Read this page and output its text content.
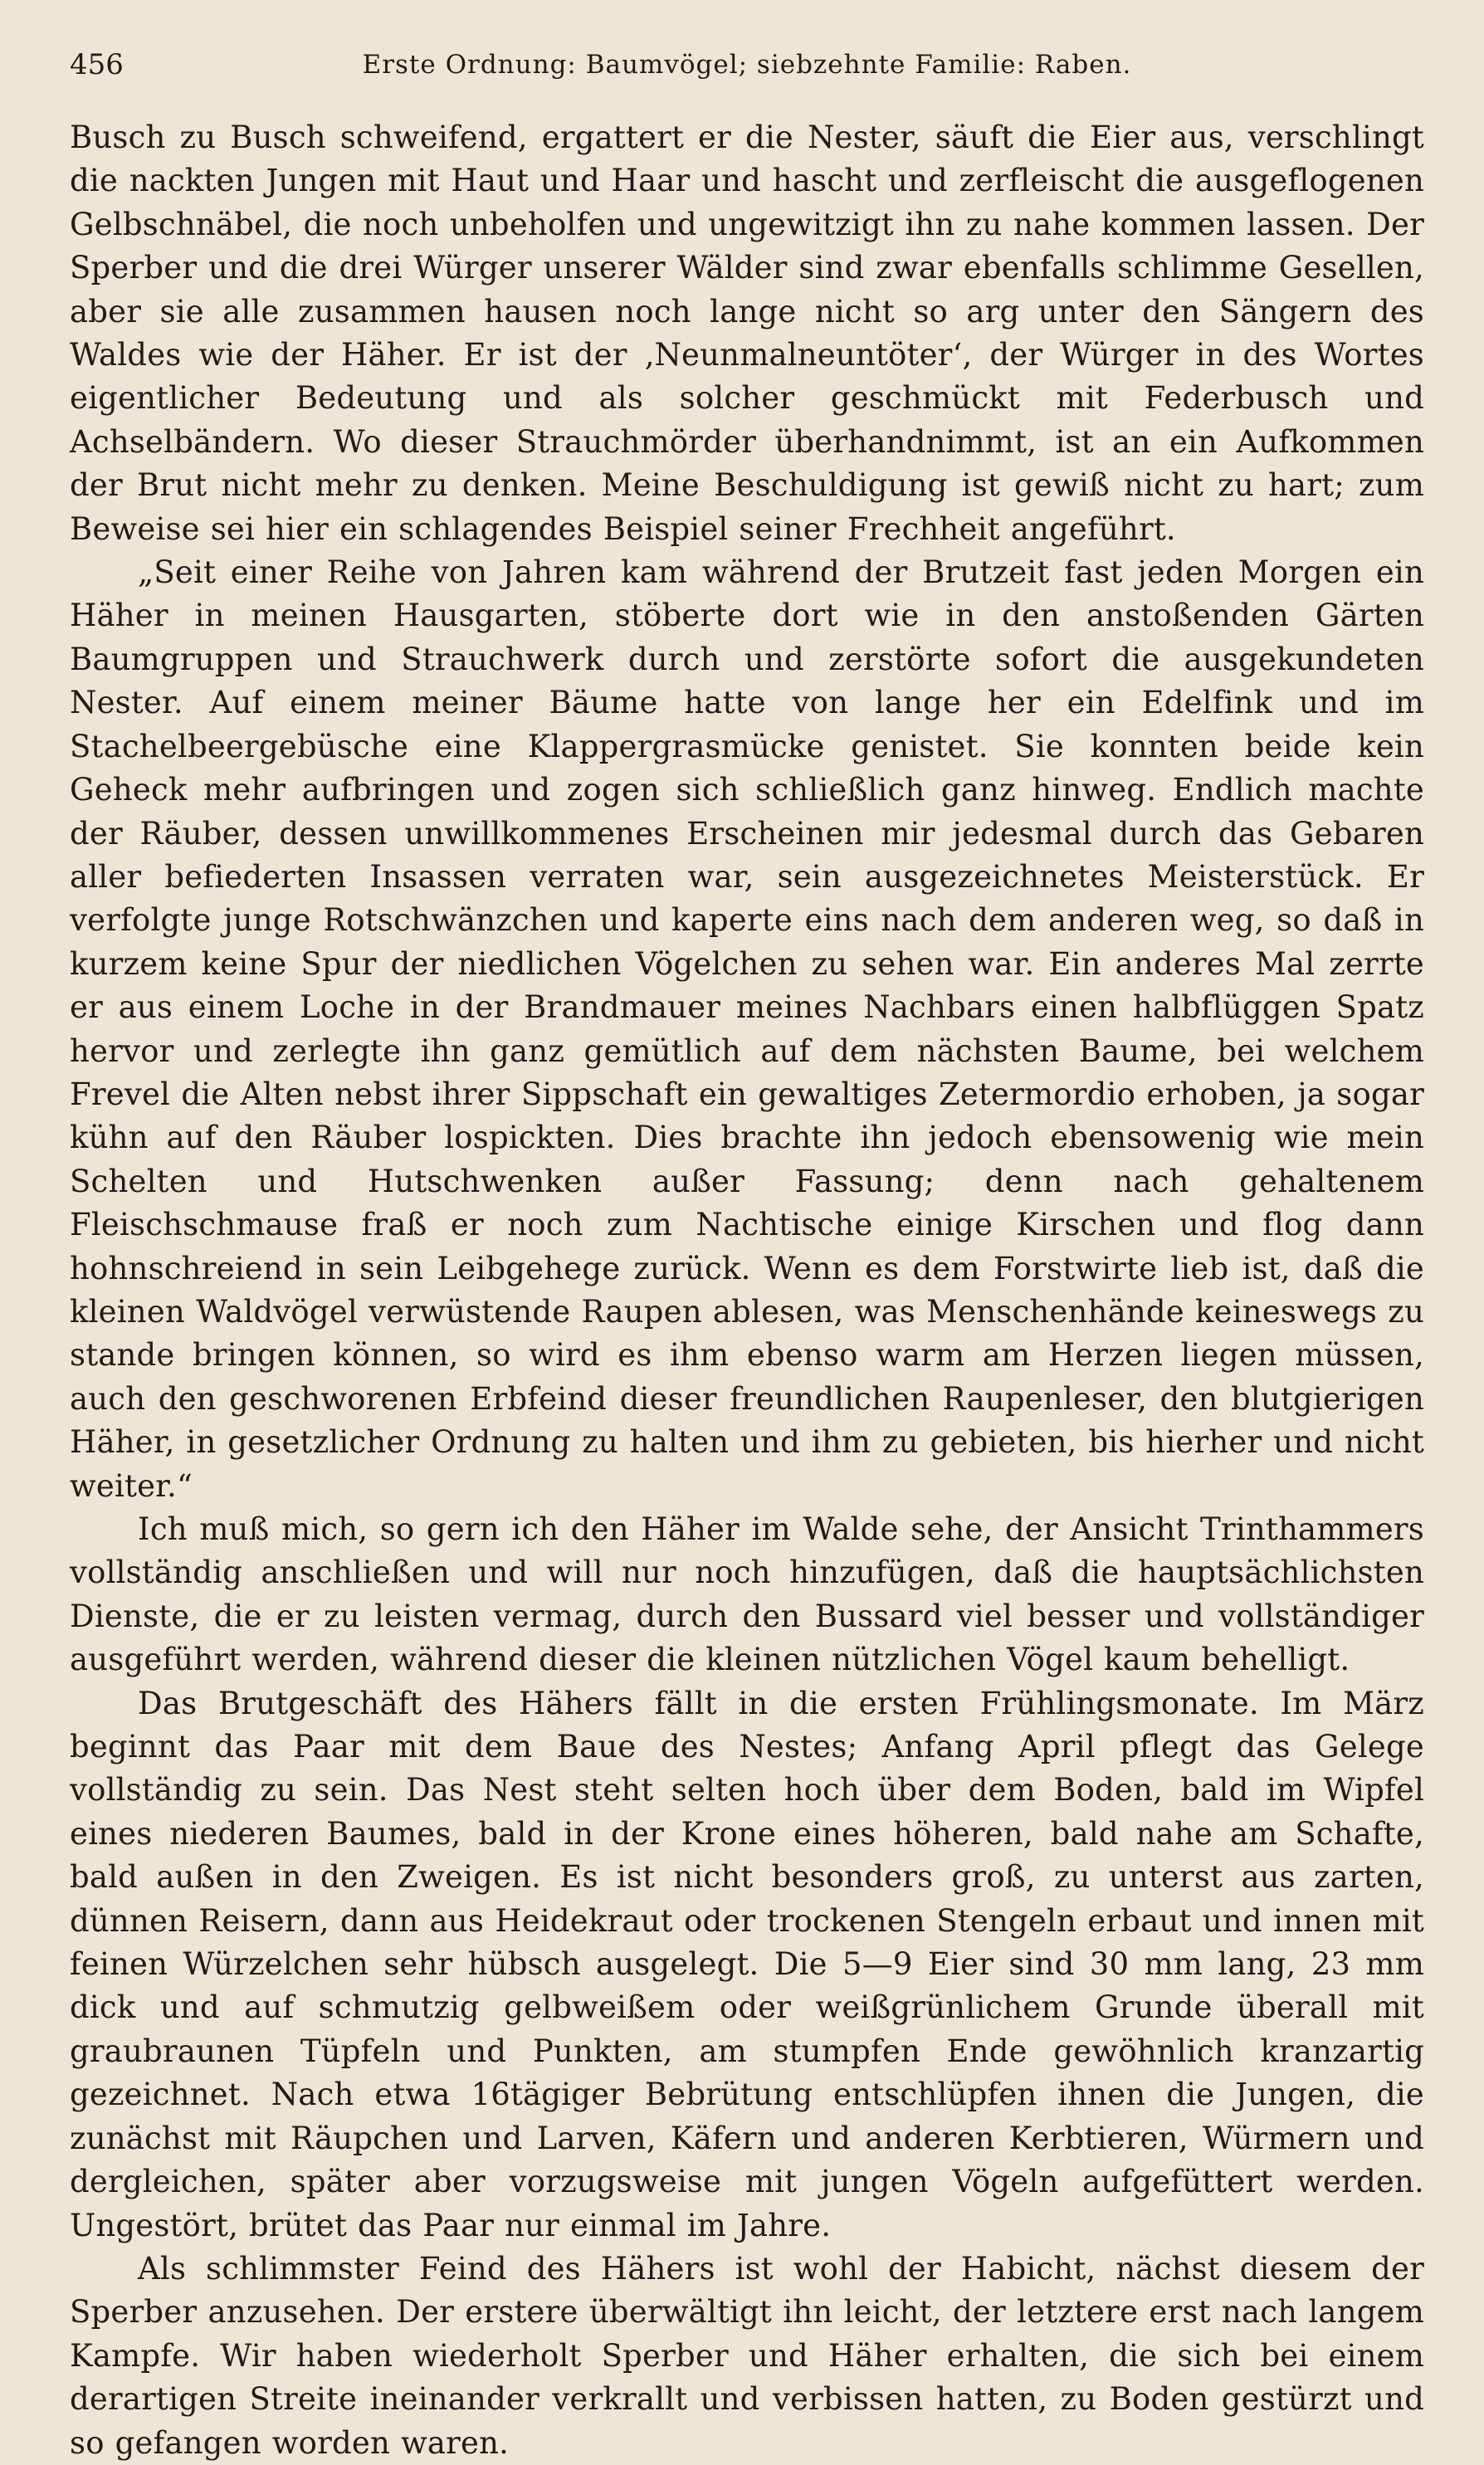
456	Erste Ordnung: Baumvögel; siebzehnte Familie: Raben.

Busch zu Busch schweifend, ergattert er die Nester, säuft die Eier aus, verschlingt die nackten Jungen mit Haut und Haar und hascht und zerfleischt die ausgeflogenen Gelbschnäbel, die noch unbeholfen und ungewitzigt ihn zu nahe kommen lassen. Der Sperber und die drei Würger unserer Wälder sind zwar ebenfalls schlimme Gesellen, aber sie alle zusammen hausen noch lange nicht so arg unter den Sängern des Waldes wie der Häher. Er ist der ‚Neunmalneuntöter‘, der Würger in des Wortes eigentlicher Bedeutung und als solcher geschmückt mit Federbusch und Achselbändern. Wo dieser Strauchmörder überhandnimmt, ist an ein Aufkommen der Brut nicht mehr zu denken. Meine Beschuldigung ist gewiß nicht zu hart; zum Beweise sei hier ein schlagendes Beispiel seiner Frechheit angeführt.

„Seit einer Reihe von Jahren kam während der Brutzeit fast jeden Morgen ein Häher in meinen Hausgarten, stöberte dort wie in den anstoßenden Gärten Baumgruppen und Strauchwerk durch und zerstörte sofort die ausgekundeten Nester. Auf einem meiner Bäume hatte von lange her ein Edelfink und im Stachelbeergebüsche eine Klappergrasmücke genistet. Sie konnten beide kein Geheck mehr aufbringen und zogen sich schließlich ganz hinweg. Endlich machte der Räuber, dessen unwillkommenes Erscheinen mir jedesmal durch das Gebaren aller befiederten Insassen verraten war, sein ausgezeichnetes Meisterstück. Er verfolgte junge Rotschwänzchen und kaperte eins nach dem anderen weg, so daß in kurzem keine Spur der niedlichen Vögelchen zu sehen war. Ein anderes Mal zerrte er aus einem Loche in der Brandmauer meines Nachbars einen halbflüggen Spatz hervor und zerlegte ihn ganz gemütlich auf dem nächsten Baume, bei welchem Frevel die Alten nebst ihrer Sippschaft ein gewaltiges Zetermordio erhoben, ja sogar kühn auf den Räuber lospickten. Dies brachte ihn jedoch ebensowenig wie mein Schelten und Hutschwenken außer Fassung; denn nach gehaltenem Fleischschmause fraß er noch zum Nachtische einige Kirschen und flog dann hohnschreiend in sein Leibgehege zurück. Wenn es dem Forstwirte lieb ist, daß die kleinen Waldvögel verwüstende Raupen ablesen, was Menschenhände keineswegs zu stande bringen können, so wird es ihm ebenso warm am Herzen liegen müssen, auch den geschworenen Erbfeind dieser freundlichen Raupenleser, den blutgierigen Häher, in gesetzlicher Ordnung zu halten und ihm zu gebieten, bis hierher und nicht weiter.“

Ich muß mich, so gern ich den Häher im Walde sehe, der Ansicht Trinthammers vollständig anschließen und will nur noch hinzufügen, daß die hauptsächlichsten Dienste, die er zu leisten vermag, durch den Bussard viel besser und vollständiger ausgeführt werden, während dieser die kleinen nützlichen Vögel kaum behelligt.

Das Brutgeschäft des Hähers fällt in die ersten Frühlingsmonate. Im März beginnt das Paar mit dem Baue des Nestes; Anfang April pflegt das Gelege vollständig zu sein. Das Nest steht selten hoch über dem Boden, bald im Wipfel eines niederen Baumes, bald in der Krone eines höheren, bald nahe am Schafte, bald außen in den Zweigen. Es ist nicht besonders groß, zu unterst aus zarten, dünnen Reisern, dann aus Heidekraut oder trockenen Stengeln erbaut und innen mit feinen Würzelchen sehr hübsch ausgelegt. Die 5—9 Eier sind 30 mm lang, 23 mm dick und auf schmutzig gelbweißem oder weißgrünlichem Grunde überall mit graubraunen Tüpfeln und Punkten, am stumpfen Ende gewöhnlich kranzartig gezeichnet. Nach etwa 16tägiger Bebrütung entschlüpfen ihnen die Jungen, die zunächst mit Räupchen und Larven, Käfern und anderen Kerbtieren, Würmern und dergleichen, später aber vorzugsweise mit jungen Vögeln aufgefüttert werden. Ungestört, brütet das Paar nur einmal im Jahre.

Als schlimmster Feind des Hähers ist wohl der Habicht, nächst diesem der Sperber anzusehen. Der erstere überwältigt ihn leicht, der letztere erst nach langem Kampfe. Wir haben wiederholt Sperber und Häher erhalten, die sich bei einem derartigen Streite ineinander verkrallt und verbissen hatten, zu Boden gestürzt und so gefangen worden waren.
